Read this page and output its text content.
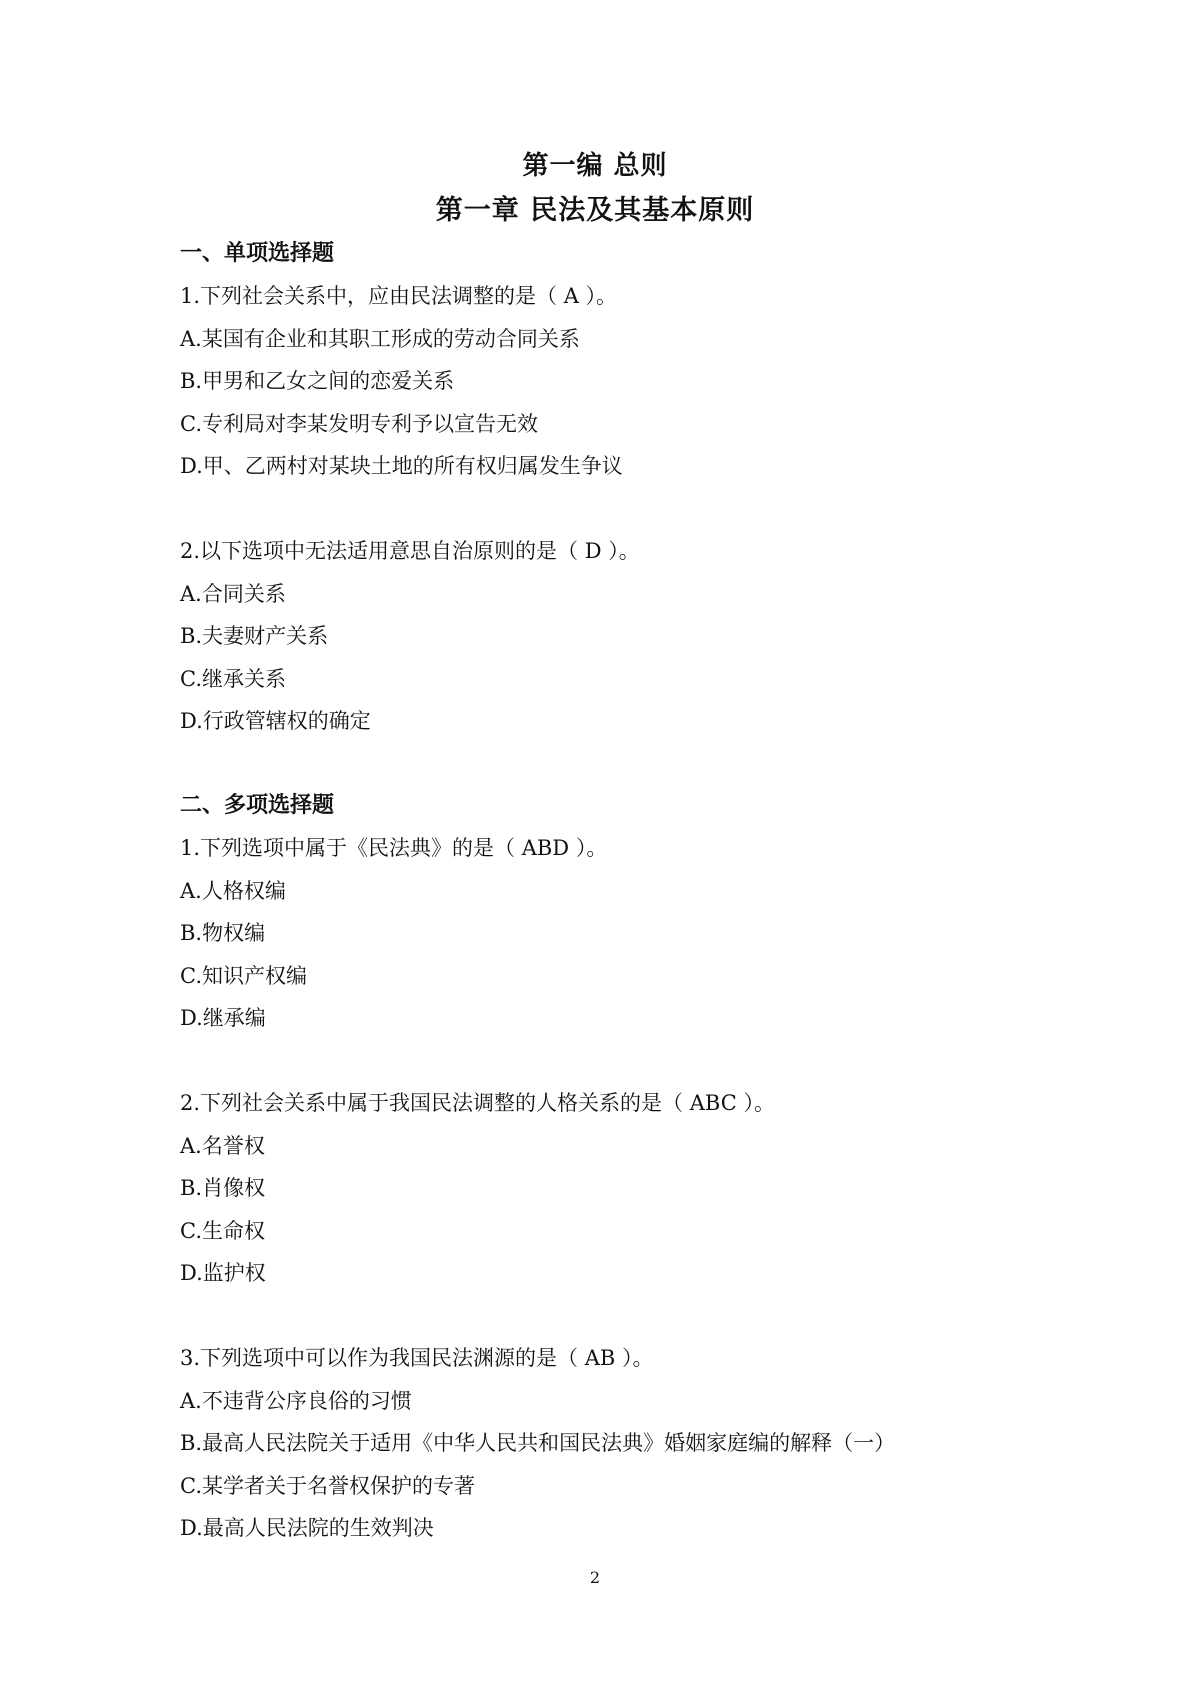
第一编 总则
第一章 民法及其基本原则
一、单项选择题
1.下列社会关系中，应由民法调整的是（ A ）。
A.某国有企业和其职工形成的劳动合同关系
B.甲男和乙女之间的恋爱关系
C.专利局对李某发明专利予以宣告无效
D.甲、乙两村对某块土地的所有权归属发生争议
2.以下选项中无法适用意思自治原则的是（ D ）。
A.合同关系
B.夫妻财产关系
C.继承关系
D.行政管辖权的确定
二、多项选择题
1.下列选项中属于《民法典》的是（ ABD ）。
A.人格权编
B.物权编
C.知识产权编
D.继承编
2.下列社会关系中属于我国民法调整的人格关系的是（ ABC ）。
A.名誉权
B.肖像权
C.生命权
D.监护权
3.下列选项中可以作为我国民法渊源的是（ AB ）。
A.不违背公序良俗的习惯
B.最高人民法院关于适用《中华人民共和国民法典》婚姻家庭编的解释（一）
C.某学者关于名誉权保护的专著
D.最高人民法院的生效判决
2
